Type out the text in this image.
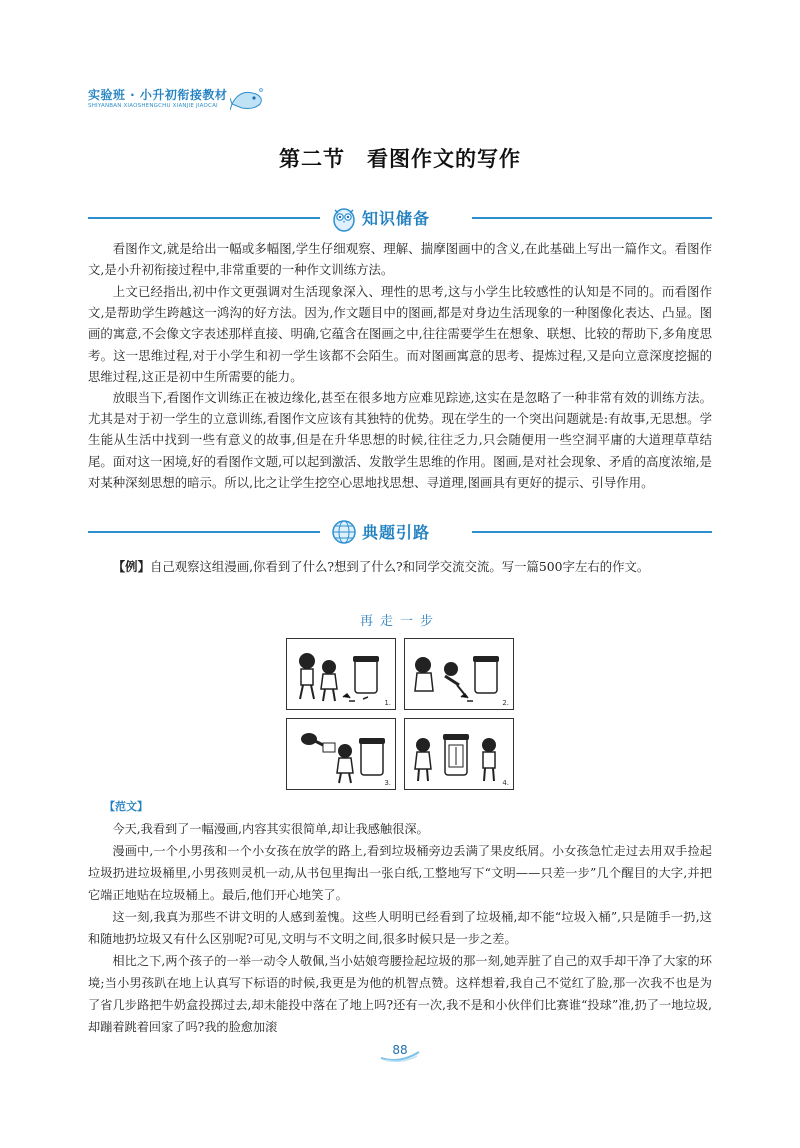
实验班 · 小升初衔接教材
SHIYANBAN XIAOSHENGCHU XIANJIE JIAOCAI
第二节　看图作文的写作
知识储备

看图作文,就是给出一幅或多幅图,学生仔细观察、理解、揣摩图画中的含义,在此基础上写出一篇作文。看图作文,是小升初衔接过程中,非常重要的一种作文训练方法。

上文已经指出,初中作文更强调对生活现象深入、理性的思考,这与小学生比较感性的认知是不同的。而看图作文,是帮助学生跨越这一鸿沟的好方法。因为,作文题目中的图画,都是对身边生活现象的一种图像化表达、凸显。图画的寓意,不会像文字表述那样直接、明确,它蕴含在图画之中,往往需要学生在想象、联想、比较的帮助下,多角度思考。这一思维过程,对于小学生和初一学生该都不会陌生。而对图画寓意的思考、提炼过程,又是向立意深度挖掘的思维过程,这正是初中生所需要的能力。

放眼当下,看图作文训练正在被边缘化,甚至在很多地方应难见踪迹,这实在是忽略了一种非常有效的训练方法。尤其是对于初一学生的立意训练,看图作文应该有其独特的优势。现在学生的一个突出问题就是:有故事,无思想。学生能从生活中找到一些有意义的故事,但是在升华思想的时候,往往乏力,只会随便用一些空洞平庸的大道理草草结尾。面对这一困境,好的看图作文题,可以起到激活、发散学生思维的作用。图画,是对社会现象、矛盾的高度浓缩,是对某种深刻思想的暗示。所以,比之让学生挖空心思地找思想、寻道理,图画具有更好的提示、引导作用。

典题引路

【例】自己观察这组漫画,你看到了什么?想到了什么?和同学交流交流。写一篇500字左右的作文。

再走一步
1.	2.
3.	4.
【范文】

今天,我看到了一幅漫画,内容其实很简单,却让我感触很深。

漫画中,一个小男孩和一个小女孩在放学的路上,看到垃圾桶旁边丢满了果皮纸屑。小女孩急忙走过去用双手捡起垃圾扔进垃圾桶里,小男孩则灵机一动,从书包里掏出一张白纸,工整地写下“文明——只差一步”几个醒目的大字,并把它端正地贴在垃圾桶上。最后,他们开心地笑了。

这一刻,我真为那些不讲文明的人感到羞愧。这些人明明已经看到了垃圾桶,却不能“垃圾入桶”,只是随手一扔,这和随地扔垃圾又有什么区别呢?可见,文明与不文明之间,很多时候只是一步之差。

相比之下,两个孩子的一举一动令人敬佩,当小姑娘弯腰捡起垃圾的那一刻,她弄脏了自己的双手却干净了大家的环境;当小男孩趴在地上认真写下标语的时候,我更是为他的机智点赞。这样想着,我自己不觉红了脸,那一次我不也是为了省几步路把牛奶盒投掷过去,却未能投中落在了地上吗?还有一次,我不是和小伙伴们比赛谁“投球”准,扔了一地垃圾,却蹦着跳着回家了吗?我的脸愈加滚

88
